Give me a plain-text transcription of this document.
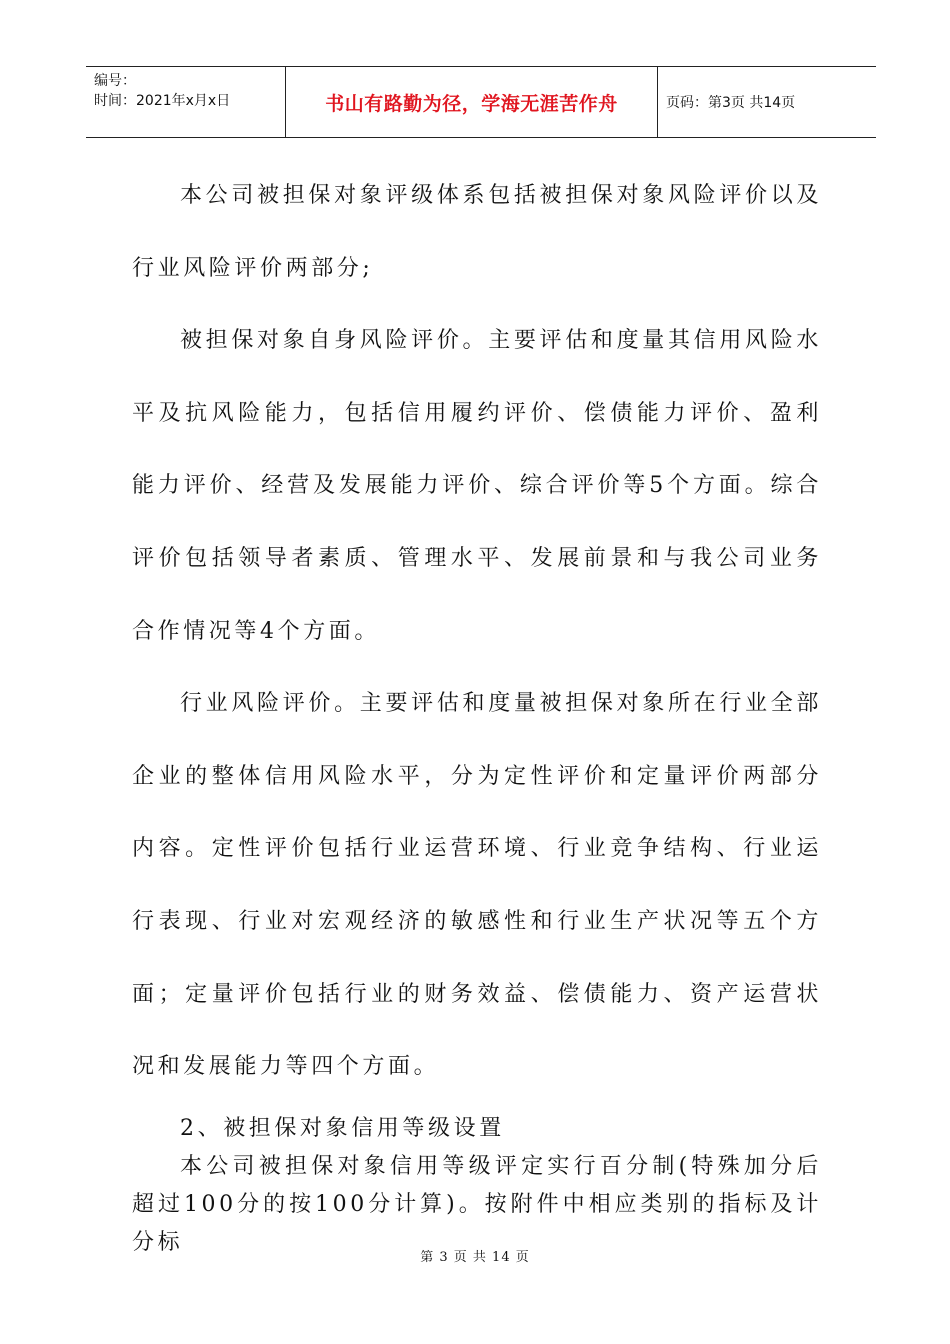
编号：
时间：2021年x月x日	书山有路勤为径，学海无涯苦作舟	页码：第3页 共14页

本公司被担保对象评级体系包括被担保对象风险评价以及行业风险评价两部分;

被担保对象自身风险评价。主要评估和度量其信用风险水平及抗风险能力，包括信用履约评价、偿债能力评价、盈利能力评价、经营及发展能力评价、综合评价等5个方面。综合评价包括领导者素质、管理水平、发展前景和与我公司业务合作情况等4个方面。

行业风险评价。主要评估和度量被担保对象所在行业全部企业的整体信用风险水平，分为定性评价和定量评价两部分内容。定性评价包括行业运营环境、行业竞争结构、行业运行表现、行业对宏观经济的敏感性和行业生产状况等五个方面；定量评价包括行业的财务效益、偿债能力、资产运营状况和发展能力等四个方面。

2、被担保对象信用等级设置

本公司被担保对象信用等级评定实行百分制(特殊加分后超过100分的按100分计算)。按附件中相应类别的指标及计分标

第 3 页 共 14 页
